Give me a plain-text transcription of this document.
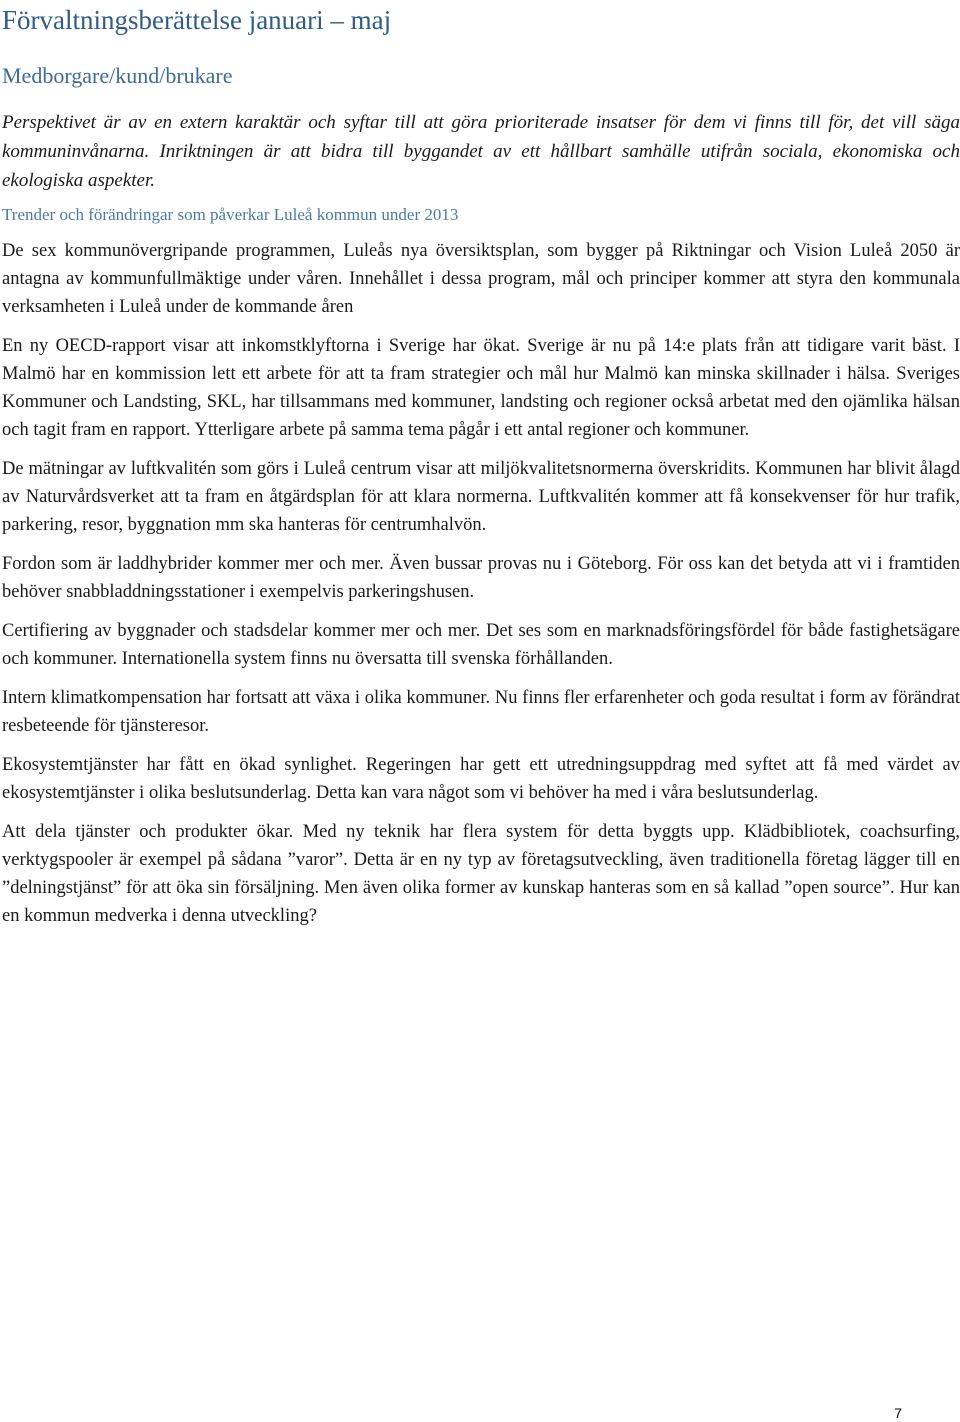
Förvaltningsberättelse januari – maj
Medborgare/kund/brukare

Perspektivet är av en extern karaktär och syftar till att göra prioriterade insatser för dem vi finns till för, det vill säga kommuninvånarna. Inriktningen är att bidra till byggandet av ett hållbart samhälle utifrån sociala, ekonomiska och ekologiska aspekter.

Trender och förändringar som påverkar Luleå kommun under 2013

De sex kommunövergripande programmen, Luleås nya översiktsplan, som bygger på Riktningar och Vision Luleå 2050 är antagna av kommunfullmäktige under våren. Innehållet i dessa program, mål och principer kommer att styra den kommunala verksamheten i Luleå under de kommande åren

En ny OECD-rapport visar att inkomstklyftorna i Sverige har ökat. Sverige är nu på 14:e plats från att tidigare varit bäst. I Malmö har en kommission lett ett arbete för att ta fram strategier och mål hur Malmö kan minska skillnader i hälsa. Sveriges Kommuner och Landsting, SKL, har tillsammans med kommuner, landsting och regioner också arbetat med den ojämlika hälsan och tagit fram en rapport. Ytterligare arbete på samma tema pågår i ett antal regioner och kommuner.

De mätningar av luftkvalitén som görs i Luleå centrum visar att miljökvalitetsnormerna överskridits. Kommunen har blivit ålagd av Naturvårdsverket att ta fram en åtgärdsplan för att klara normerna. Luftkvalitén kommer att få konsekvenser för hur trafik, parkering, resor, byggnation mm ska hanteras för centrumhalvön.

Fordon som är laddhybrider kommer mer och mer. Även bussar provas nu i Göteborg. För oss kan det betyda att vi i framtiden behöver snabbladdningsstationer i exempelvis parkeringshusen.

Certifiering av byggnader och stadsdelar kommer mer och mer. Det ses som en marknadsföringsfördel för både fastighetsägare och kommuner. Internationella system finns nu översatta till svenska förhållanden.

Intern klimatkompensation har fortsatt att växa i olika kommuner. Nu finns fler erfarenheter och goda resultat i form av förändrat resbeteende för tjänsteresor.

Ekosystemtjänster har fått en ökad synlighet. Regeringen har gett ett utredningsuppdrag med syftet att få med värdet av ekosystemtjänster i olika beslutsunderlag. Detta kan vara något som vi behöver ha med i våra beslutsunderlag.

Att dela tjänster och produkter ökar. Med ny teknik har flera system för detta byggts upp. Klädbibliotek, coachsurfing, verktygspooler är exempel på sådana ”varor”. Detta är en ny typ av företagsutveckling, även traditionella företag lägger till en ”delningstjänst” för att öka sin försäljning. Men även olika former av kunskap hanteras som en så kallad ”open source”. Hur kan en kommun medverka i denna utveckling?

7
